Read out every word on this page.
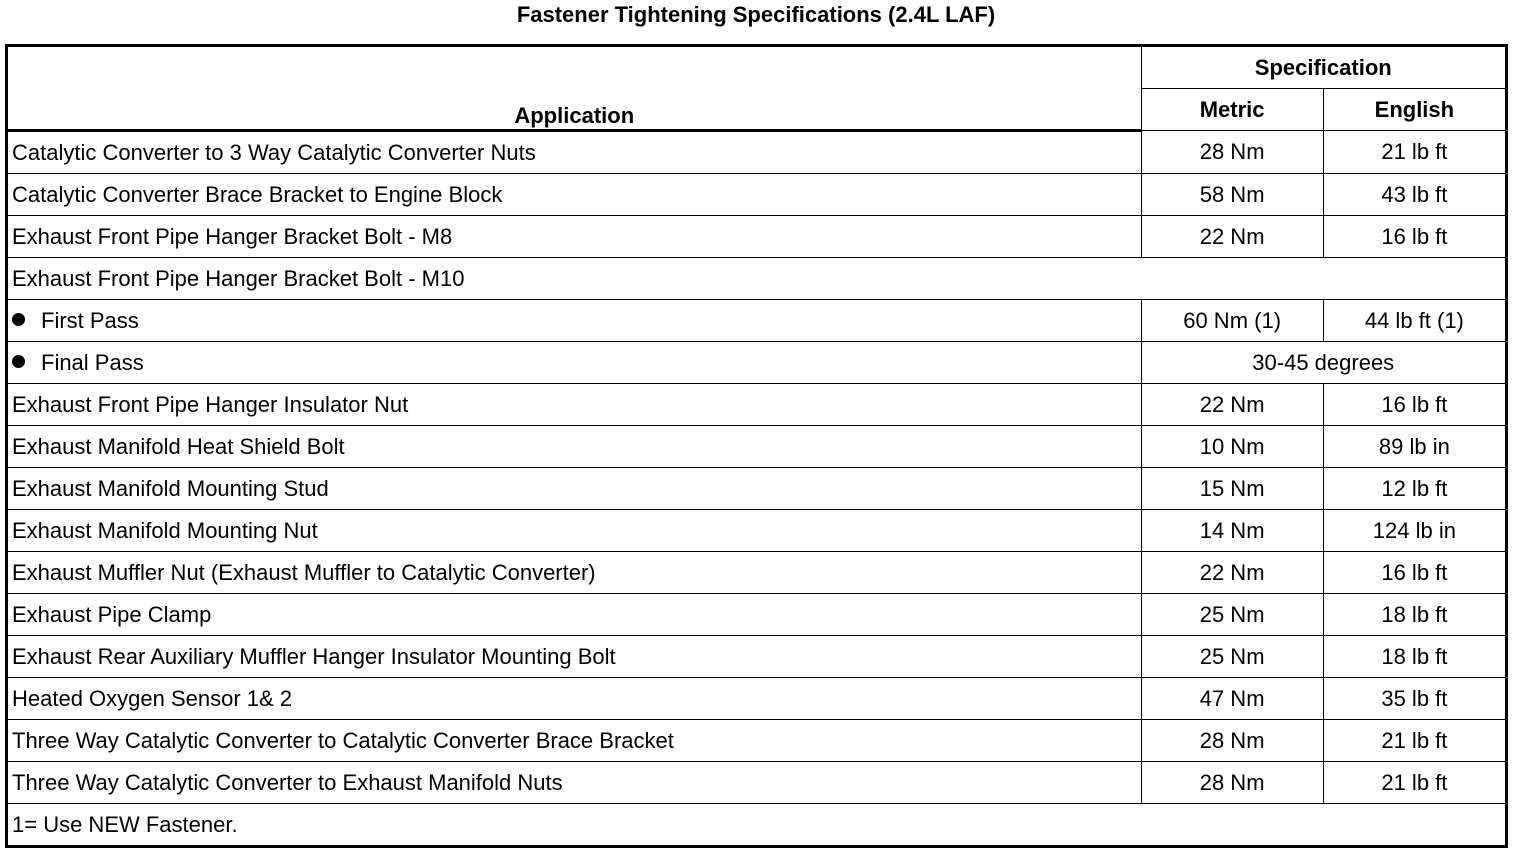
Fastener Tightening Specifications (2.4L LAF)
Application	Specification	
	Metric	English
Catalytic Converter to 3 Way Catalytic Converter Nuts	28 Nm	21 lb ft
Catalytic Converter Brace Bracket to Engine Block	58 Nm	43 lb ft
Exhaust Front Pipe Hanger Bracket Bolt - M8	22 Nm	16 lb ft
Exhaust Front Pipe Hanger Bracket Bolt - M10		
First Pass	60 Nm (1)	44 lb ft (1)
Final Pass	30-45 degrees	
Exhaust Front Pipe Hanger Insulator Nut	22 Nm	16 lb ft
Exhaust Manifold Heat Shield Bolt	10 Nm	89 lb in
Exhaust Manifold Mounting Stud	15 Nm	12 lb ft
Exhaust Manifold Mounting Nut	14 Nm	124 lb in
Exhaust Muffler Nut (Exhaust Muffler to Catalytic Converter)	22 Nm	16 lb ft
Exhaust Pipe Clamp	25 Nm	18 lb ft
Exhaust Rear Auxiliary Muffler Hanger Insulator Mounting Bolt	25 Nm	18 lb ft
Heated Oxygen Sensor 1& 2	47 Nm	35 lb ft
Three Way Catalytic Converter to Catalytic Converter Brace Bracket	28 Nm	21 lb ft
Three Way Catalytic Converter to Exhaust Manifold Nuts	28 Nm	21 lb ft
1= Use NEW Fastener.		
